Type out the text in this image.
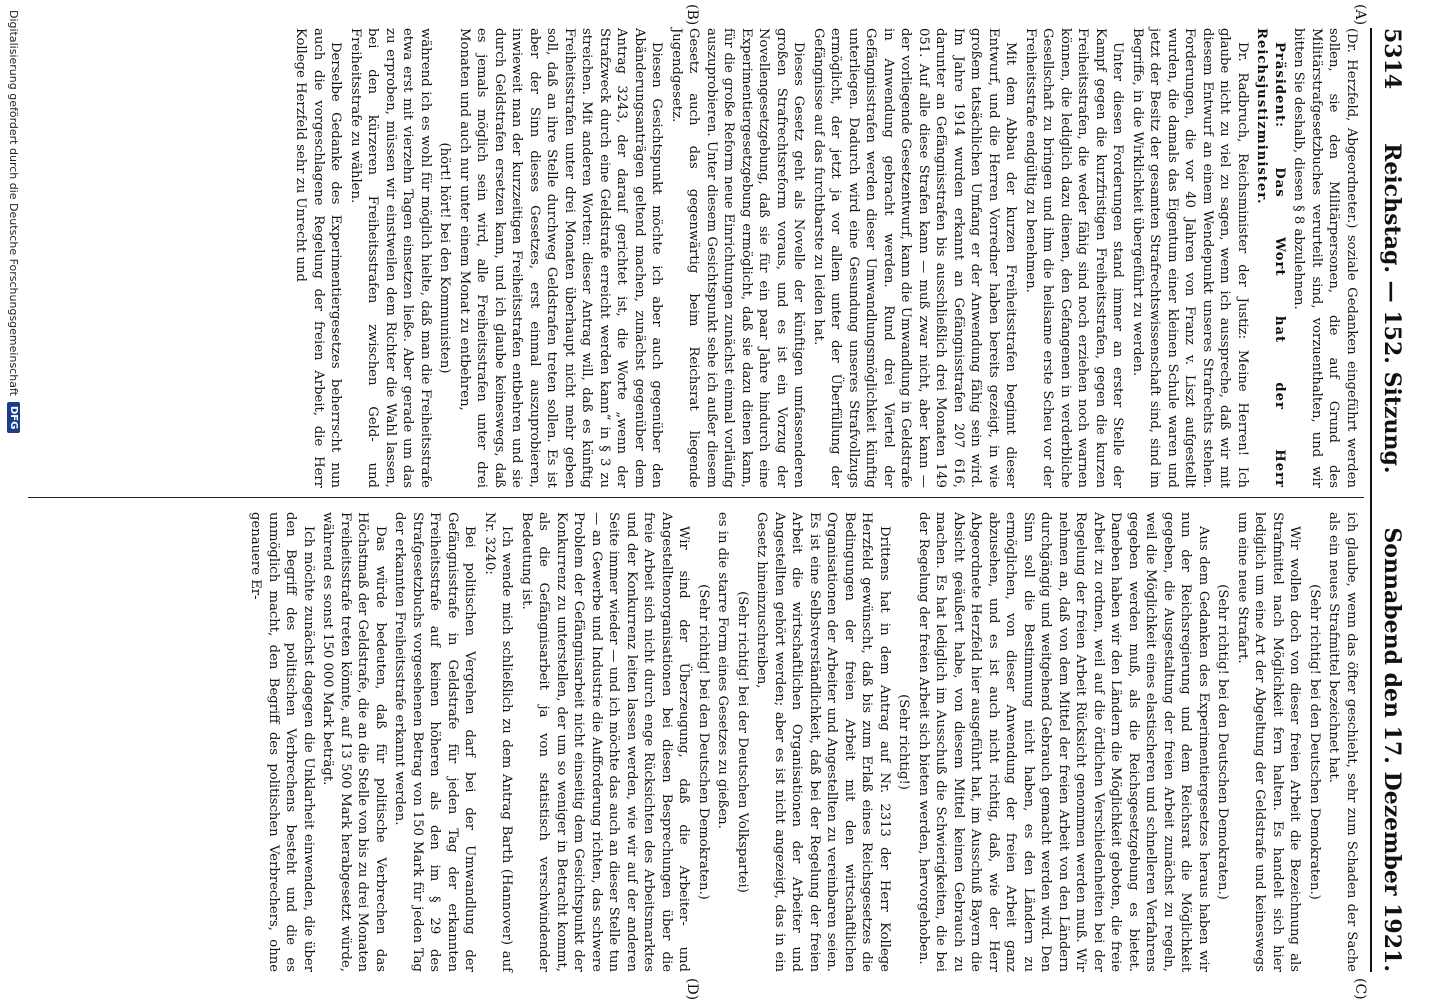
5314
Reichstag. — 152. Sitzung.
Sonnabend den 17. Dezember 1921.
(A)
(B)
(C)
(D)

(Dr. Herzfeld, Abgeordneter.) soziale Gedanken eingeführt werden sollen, sie den Militärpersonen, die auf Grund des Militärstrafgesetzbuches verurteilt sind, vorzuenthalten, und wir bitten Sie deshalb, diesen § 8 abzulehnen.

Präsident: Das Wort hat der Herr Reichsjustizminister.

Dr. Radbruch, Reichsminister der Justiz: Meine Herren! Ich glaube nicht zu viel zu sagen, wenn ich ausspreche, daß wir mit diesem Entwurf an einem Wendepunkt unseres Strafrechts stehen. Forderungen, die vor 40 Jahren von Franz v. Liszt aufgestellt wurden, die damals das Eigentum einer kleinen Schule waren und jetzt der Besitz der gesamten Strafrechtswissenschaft sind, sind im Begriffe, in die Wirklichkeit übergeführt zu werden.

Unter diesen Forderungen stand immer an erster Stelle der Kampf gegen die kurzfristigen Freiheitsstrafen, gegen die kurzen Freiheitsstrafen, die weder fähig sind noch erziehen noch warnen können, die lediglich dazu dienen, den Gefangenen in verderbliche Gesellschaft zu bringen und ihm die heilsame erste Scheu vor der Freiheitsstrafe endgültig zu benehmen.

Mit dem Abbau der kurzen Freiheitsstrafen beginnt dieser Entwurf, und die Herren Vorredner haben bereits gezeigt, in wie großem tatsächlichen Umfang er der Anwendung fähig sein wird. Im Jahre 1914 wurden erkannt an Gefängnisstrafen 207 616, darunter an Gefängnisstrafen bis ausschließlich drei Monaten 149 051. Auf alle diese Strafen kann — muß zwar nicht, aber kann — der vorliegende Gesetzentwurf, kann die Umwandlung in Geldstrafe in Anwendung gebracht werden. Rund drei Viertel der Gefängnisstrafen werden dieser Umwandlungsmöglichkeit künftig unterliegen. Dadurch wird eine Gesundung unseres Strafvollzugs ermöglicht, der jetzt ja vor allem unter der Überfüllung der Gefängnisse auf das furchtbarste zu leiden hat.

Dieses Gesetz geht als Novelle der künftigen umfassenderen großen Strafrechtsreform voraus, und es ist ein Vorzug der Novellengesetzgebung, daß sie für ein paar Jahre hindurch eine Experimentiergesetzgebung ermöglicht, daß sie dazu dienen kann, für die große Reform neue Einrichtungen zunächst einmal vorläufig auszuprobieren. Unter diesem Gesichtspunkt sehe ich außer diesem Gesetz auch das gegenwärtig beim Reichsrat liegende Jugendgesetz.

Diesen Gesichtspunkt möchte ich aber auch gegenüber den Abänderungsanträgen geltend machen, zunächst gegenüber dem Antrag 3243, der darauf gerichtet ist, die Worte „wenn der Strafzweck durch eine Geldstrafe erreicht werden kann“ in § 3 zu streichen. Mit anderen Worten: dieser Antrag will, daß es künftig Freiheitsstrafen unter drei Monaten überhaupt nicht mehr geben soll, daß an ihre Stelle durchweg Geldstrafen treten sollen. Es ist aber der Sinn dieses Gesetzes, erst einmal auszuprobieren, inwieweit man der kurzzeitigen Freiheitsstrafen entbehren und sie durch Geldstrafen ersetzen kann, und ich glaube keineswegs, daß es jemals möglich sein wird, alle Freiheitsstrafen unter drei Monaten und auch nur unter einem Monat zu entbehren,

(hört! hört! bei den Kommunisten)

während ich es wohl für möglich hielte, daß man die Freiheitsstrafe etwa erst mit vierzehn Tagen einsetzen ließe. Aber gerade um das zu erproben, müssen wir einstweilen dem Richter die Wahl lassen, bei den kürzeren Freiheitsstrafen zwischen Geld- und Freiheitsstrafe zu wählen.

Derselbe Gedanke des Experimentiergesetzes beherrscht nun auch die vorgeschlagene Regelung der freien Arbeit, die Herr Kollege Herzfeld sehr zu Unrecht und

ich glaube, wenn das öfter geschieht, sehr zum Schaden der Sache als ein neues Strafmittel bezeichnet hat.

(Sehr richtig! bei den Deutschen Demokraten.)

Wir wollen doch von dieser freien Arbeit die Bezeichnung als Strafmittel nach Möglichkeit fern halten. Es handelt sich hier lediglich um eine Art der Abgeltung der Geldstrafe und keineswegs um eine neue Strafart.

(Sehr richtig! bei den Deutschen Demokraten.)

Aus dem Gedanken des Experimentiergesetzes heraus haben wir nun der Reichsregierung und dem Reichsrat die Möglichkeit gegeben, die Ausgestaltung der freien Arbeit zunächst zu regeln, weil die Möglichkeit eines elastischeren und schnelleren Verfahrens gegeben werden muß, als die Reichsgesetzgebung es bietet. Daneben haben wir den Ländern die Möglichkeit geboten, die freie Arbeit zu ordnen, weil auf die örtlichen Verschiedenheiten bei der Regelung der freien Arbeit Rücksicht genommen werden muß. Wir nehmen an, daß von dem Mittel der freien Arbeit von den Ländern durchgängig und weitgehend Gebrauch gemacht werden wird. Den Sinn soll die Bestimmung nicht haben, es den Ländern zu ermöglichen, von dieser Anwendung der freien Arbeit ganz abzusehen, und es ist auch nicht richtig, daß, wie der Herr Abgeordnete Herzfeld hier ausgeführt hat, im Ausschuß Bayern die Absicht geäußert habe, von diesem Mittel keinen Gebrauch zu machen. Es hat lediglich im Ausschuß die Schwierigkeiten, die bei der Regelung der freien Arbeit sich bieten werden, hervorgehoben.

(Sehr richtig!)

Drittens hat in dem Antrag auf Nr. 2313 der Herr Kollege Herzfeld gewünscht, daß bis zum Erlaß eines Reichsgesetzes die Bedingungen der freien Arbeit mit den wirtschaftlichen Organisationen der Arbeiter und Angestellten zu vereinbaren seien. Es ist eine Selbstverständlichkeit, daß bei der Regelung der freien Arbeit die wirtschaftlichen Organisationen der Arbeiter und Angestellten gehört werden; aber es ist nicht angezeigt, das in ein Gesetz hineinzuschreiben,

(Sehr richtig! bei der Deutschen Volkspartei)

es in die starre Form eines Gesetzes zu gießen.

(Sehr richtig! bei den Deutschen Demokraten.)

Wir sind der Überzeugung, daß die Arbeiter- und Angestelltenorganisationen bei diesen Besprechungen über die freie Arbeit sich nicht durch enge Rücksichten des Arbeitsmarktes und der Konkurrenz leiten lassen werden, wie wir auf der anderen Seite immer wieder — und ich möchte das auch an dieser Stelle tun — an Gewerbe und Industrie die Aufforderung richten, das schwere Problem der Gefängnisarbeit nicht einseitig dem Gesichtspunkt der Konkurrenz zu unterstellen, der um so weniger in Betracht kommt, als die Gefängnisarbeit ja von statistisch verschwindender Bedeutung ist.

Ich wende mich schließlich zu dem Antrag Barth (Hannover) auf Nr. 3240:

Bei politischen Vergehen darf bei der Umwandlung der Gefängnisstrafe in Geldstrafe für jeden Tag der erkannten Freiheitsstrafe auf keinen höheren als den im § 29 des Strafgesetzbuchs vorgesehenen Betrag von 150 Mark für jeden Tag der erkannten Freiheitsstrafe erkannt werden.

Das würde bedeuten, daß für politische Verbrechen das Höchstmaß der Geldstrafe, die an die Stelle von bis zu drei Monaten Freiheitsstrafe treten könnte, auf 13 500 Mark herabgesetzt würde, während es sonst 150 000 Mark beträgt.

Ich möchte zunächst dagegen die Unklarheit einwenden, die über den Begriff des politischen Verbrechens besteht und die es unmöglich macht, den Begriff des politischen Verbrechers, ohne genauere Er-

Digitalisierung gefördert durch die Deutsche Forschungsgemeinschaft
DFG
